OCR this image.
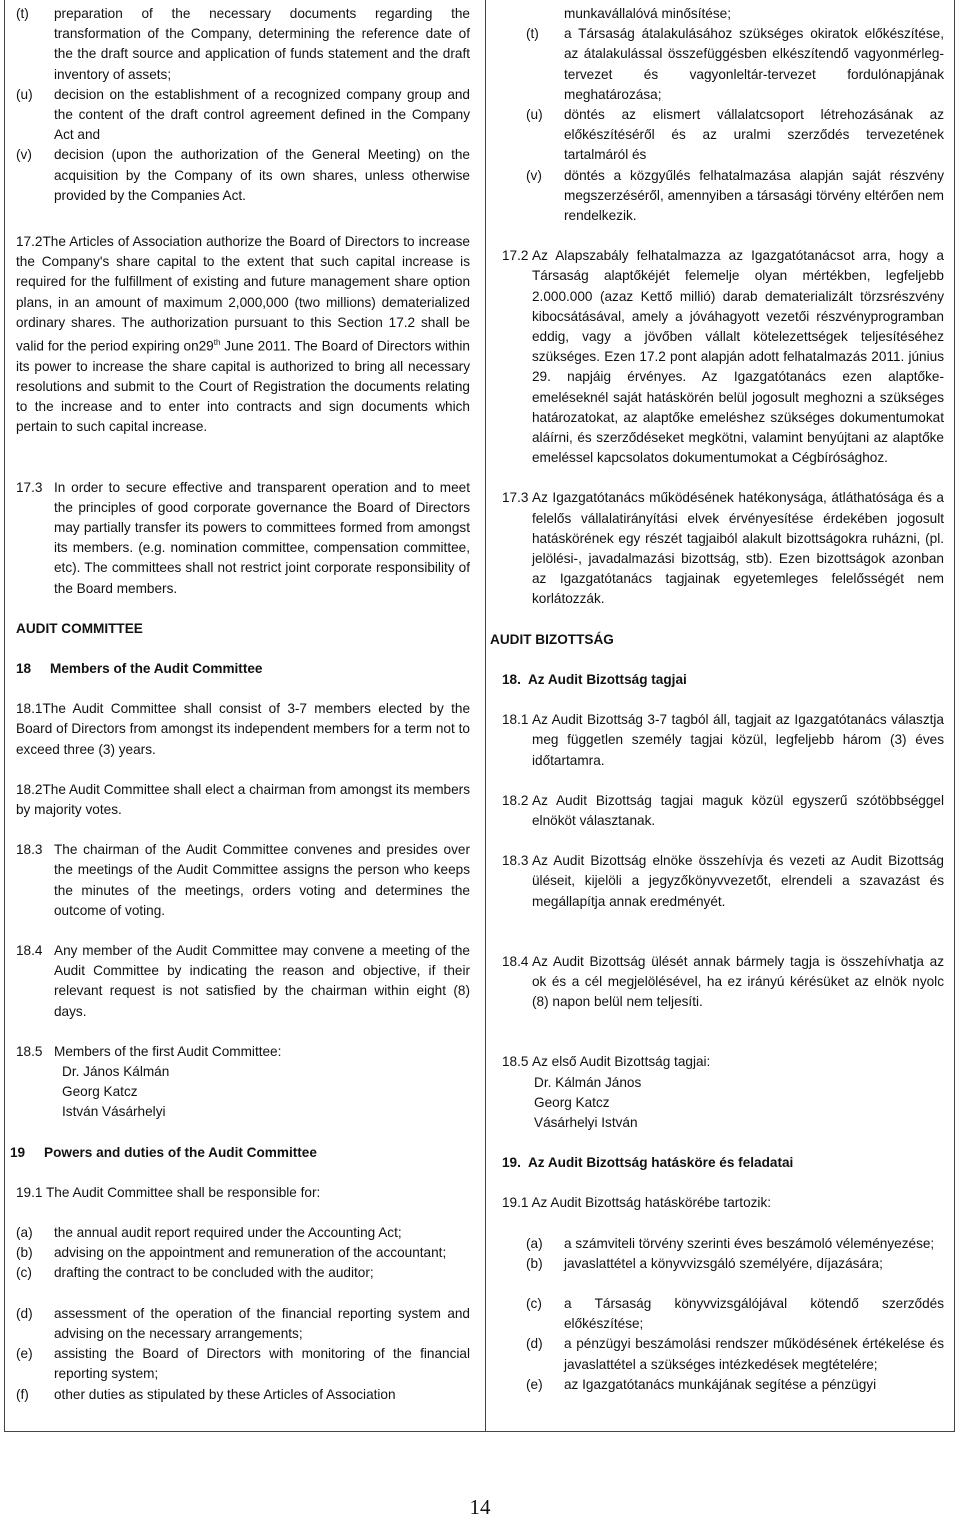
(t)	preparation of the necessary documents regarding the transformation of the Company, determining the reference date of the the draft source and application of funds statement and the draft inventory of assets;
(u)	decision on the establishment of a recognized company group and the content of the draft control agreement defined in the Company Act and
(v)	decision (upon the authorization of the General Meeting) on the acquisition by the Company of its own shares, unless otherwise provided by the Companies Act.

17.2The Articles of Association authorize the Board of Directors to increase the Company's share capital to the extent that such capital increase is required for the fulfillment of existing and future management share option plans, in an amount of maximum 2,000,000 (two millions) dematerialized ordinary shares. The authorization pursuant to this Section 17.2 shall be valid for the period expiring on29th June 2011. The Board of Directors within its power to increase the share capital is authorized to bring all necessary resolutions and submit to the Court of Registration the documents relating to the increase and to enter into contracts and sign documents which pertain to such capital increase.

17.3 In order to secure effective and transparent operation and to meet the principles of good corporate governance the Board of Directors may partially transfer its powers to committees formed from amongst its members. (e.g. nomination committee, compensation committee, etc). The committees shall not restrict joint corporate responsibility of the Board members.

AUDIT COMMITTEE

18     Members of the Audit Committee

18.1The Audit Committee shall consist of 3-7 members elected by the Board of Directors from amongst its independent members for a term not to exceed three (3) years.

18.2The Audit Committee shall elect a chairman from amongst its members by majority votes.

18.3 The chairman of the Audit Committee convenes and presides over the meetings of the Audit Committee assigns the person who keeps the minutes of the meetings, orders voting and determines the outcome of voting.
18.4 Any member of the Audit Committee may convene a meeting of the Audit Committee by indicating the reason and objective, if their relevant request is not satisfied by the chairman within eight (8) days.
18.5 Members of the first Audit Committee:
Dr. János Kálmán
Georg Katcz
István Vásárhelyi

19     Powers and duties of the Audit Committee

19.1 The Audit Committee shall be responsible for:

(a)	the annual audit report required under the Accounting Act;
(b)	advising on the appointment and remuneration of the accountant;
(c)	drafting the contract to be concluded with the auditor;
(d)	assessment of the operation of the financial reporting system and advising on the necessary arrangements;
(e)	assisting the Board of Directors with monitoring of the financial reporting system;
(f)	other duties as stipulated by these Articles of Association

munkavállalóvá minősítése;

(t)	a Társaság átalakulásához szükséges okiratok előkészítése, az átalakulással összefüggésben elkészítendő vagyonmérleg-tervezet és vagyonleltár-tervezet fordulónapjának meghatározása;
(u)	döntés az elismert vállalatcsoport létrehozásának az előkészítéséről és az uralmi szerződés tervezetének tartalmáról és
(v)	döntés a közgyűlés felhatalmazása alapján saját részvény megszerzéséről, amennyiben a társasági törvény eltérően nem rendelkezik.
17.2 Az Alapszabály felhatalmazza az Igazgatótanácsot arra, hogy a Társaság alaptőkéjét felemelje olyan mértékben, legfeljebb 2.000.000 (azaz Kettő millió) darab dematerializált törzsrészvény kibocsátásával, amely a jóváhagyott vezetői részvényprogramban eddig, vagy a jövőben vállalt kötelezettségek teljesítéséhez szükséges. Ezen 17.2 pont alapján adott felhatalmazás 2011. június 29. napjáig érvényes. Az Igazgatótanács ezen alaptőke-emeléseknél saját hatáskörén belül jogosult meghozni a szükséges határozatokat, az alaptőke emeléshez szükséges dokumentumokat aláírni, és szerződéseket megkötni, valamint benyújtani az alaptőke emeléssel kapcsolatos dokumentumokat a Cégbírósághoz.
17.3 Az Igazgatótanács működésének hatékonysága, átláthatósága és a felelős vállalatirányítási elvek érvényesítése érdekében jogosult hatáskörének egy részét tagjaiból alakult bizottságokra ruházni, (pl. jelölési-, javadalmazási bizottság, stb). Ezen bizottságok azonban az Igazgatótanács tagjainak egyetemleges felelősségét nem korlátozzák.

AUDIT BIZOTTSÁG

18.  Az Audit Bizottság tagjai

18.1 Az Audit Bizottság 3-7 tagból áll, tagjait az Igazgatótanács választja meg független személy tagjai közül, legfeljebb három (3) éves időtartamra.
18.2 Az Audit Bizottság tagjai maguk közül egyszerű szótöbbséggel elnököt választanak.
18.3 Az Audit Bizottság elnöke összehívja és vezeti az Audit Bizottság üléseit, kijelöli a jegyzőkönyvvezetőt, elrendeli a szavazást és megállapítja annak eredményét.
18.4 Az Audit Bizottság ülését annak bármely tagja is összehívhatja az ok és a cél megjelölésével, ha ez irányú kérésüket az elnök nyolc (8) napon belül nem teljesíti.
18.5 Az első Audit Bizottság tagjai:
Dr. Kálmán János
Georg Katcz
Vásárhelyi István

19.  Az Audit Bizottság hatásköre és feladatai

19.1 Az Audit Bizottság hatáskörébe tartozik:

(a)	a számviteli törvény szerinti éves beszámoló véleményezése;
(b)	javaslattétel a könyvvizsgáló személyére, díjazására;
(c)	a Társaság könyvvizsgálójával kötendő szerződés előkészítése;
(d)	a pénzügyi beszámolási rendszer működésének értékelése és javaslattétel a szükséges intézkedések megtételére;
(e)	az Igazgatótanács munkájának segítése a pénzügyi
14
